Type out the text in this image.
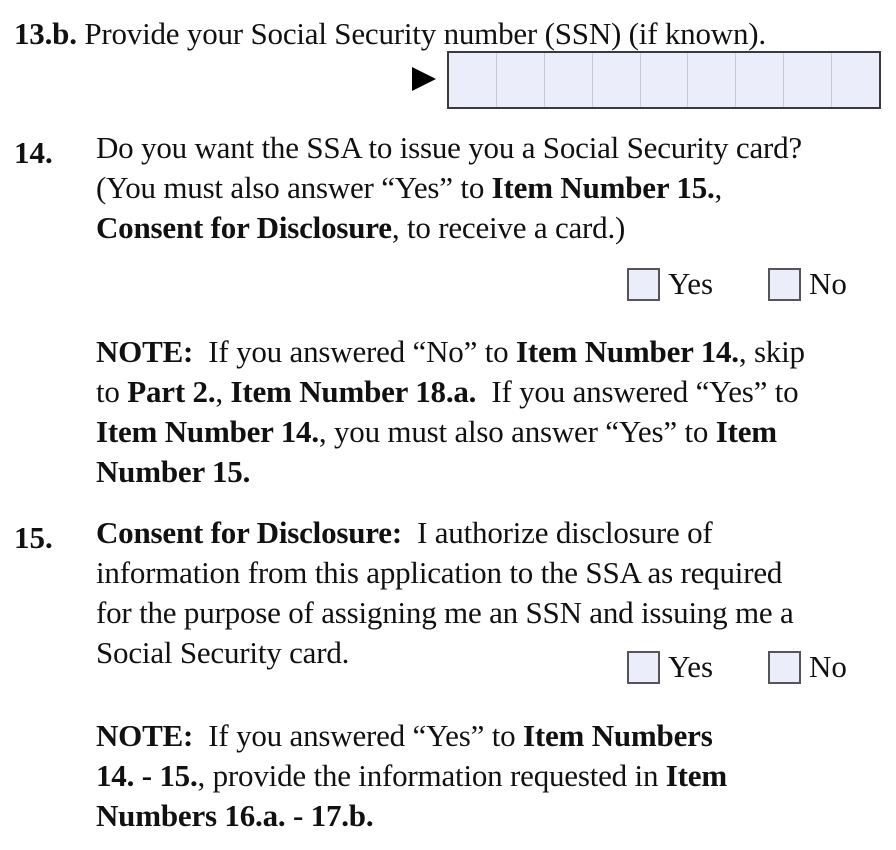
13.b. Provide your Social Security number (SSN) (if known).
14. Do you want the SSA to issue you a Social Security card?
(You must also answer “Yes” to Item Number 15.,
Consent for Disclosure, to receive a card.)
Yes	No
NOTE:  If you answered “No” to Item Number 14., skip
to Part 2., Item Number 18.a.  If you answered “Yes” to
Item Number 14., you must also answer “Yes” to Item
Number 15.
15. Consent for Disclosure:  I authorize disclosure of
information from this application to the SSA as required
for the purpose of assigning me an SSN and issuing me a
Social Security card.	Yes	No
NOTE:  If you answered “Yes” to Item Numbers
14. - 15., provide the information requested in Item
Numbers 16.a. - 17.b.
